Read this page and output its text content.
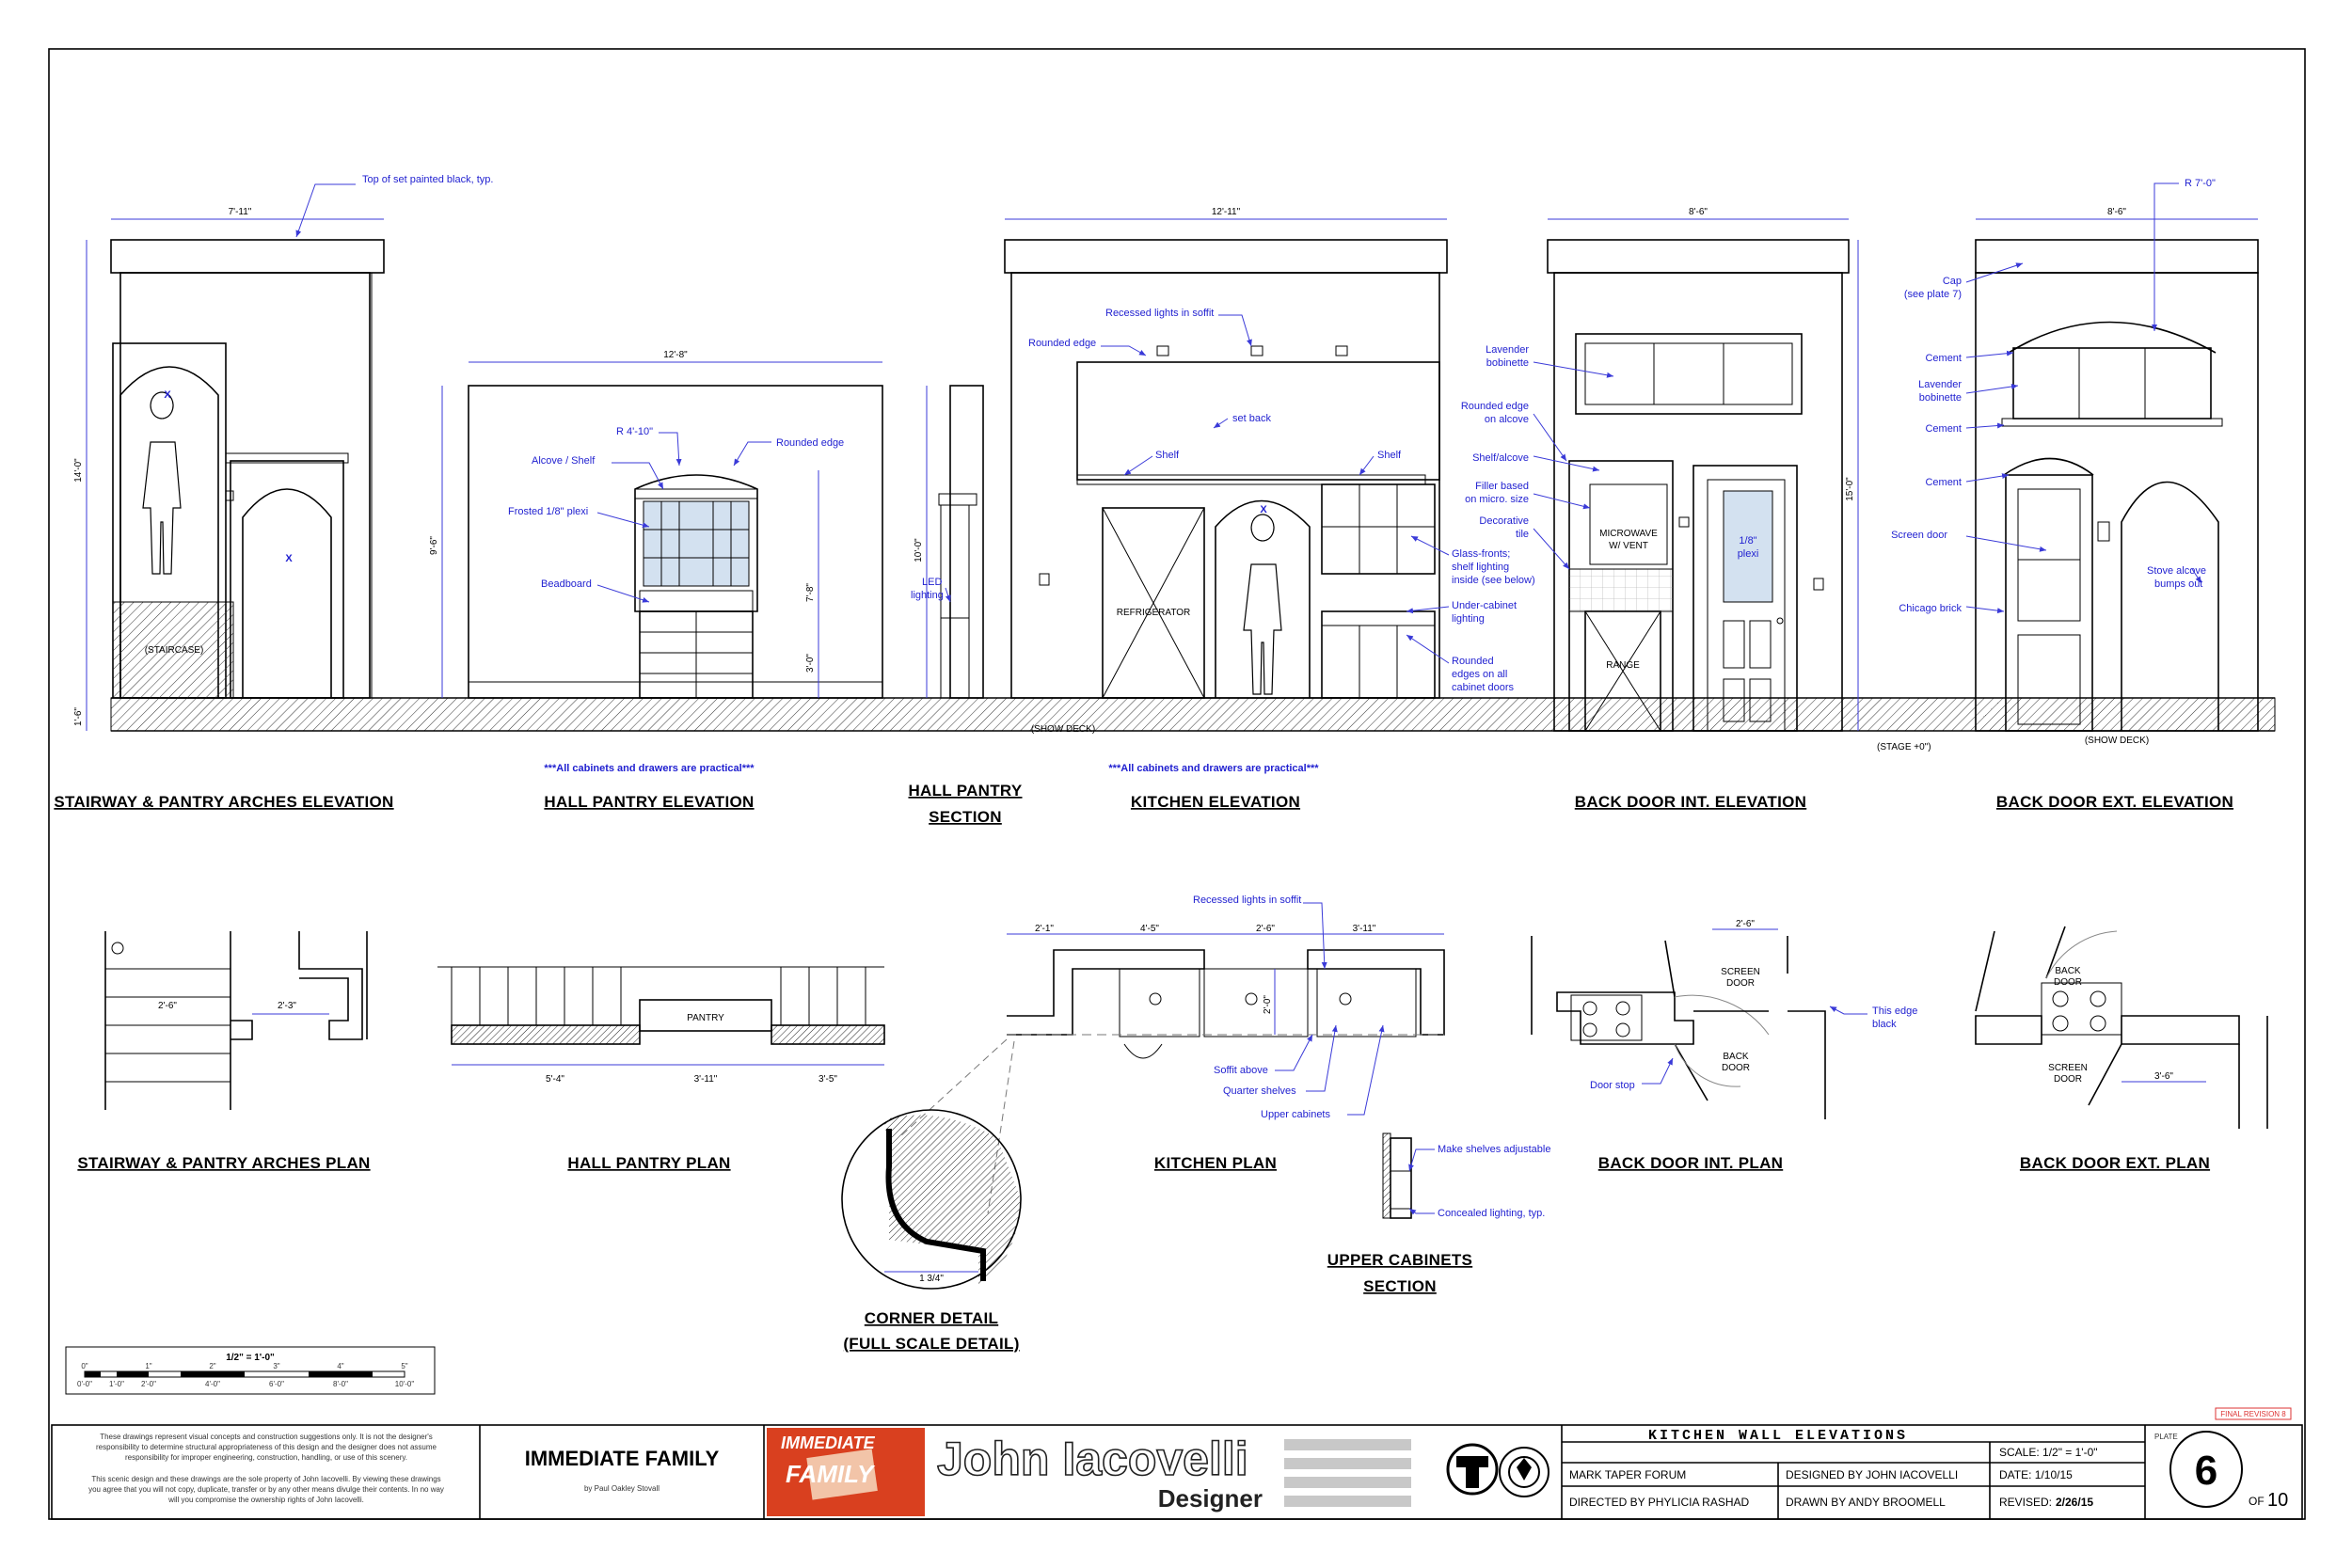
7'-11"
14'-0"
1'-6"
12'-8"
9'-6"
7'-8"
3'-0"
10'-0"
12'-11"	8'-6"
15'-0"
8'-6"
Top of set painted black, typ.
Alcove / Shelf
R 4'-10"
Rounded edge
Frosted 1/8" plexi
Beadboard	LED
lighting
***All cabinets and drawers are practical***	***All cabinets and drawers are practical***
Recessed lights in soffit
Rounded edge
set back
Shelf	Shelf
Glass-fronts;
shelf lighting
inside (see below)
Under-cabinet
lighting
Rounded
edges on all
cabinet doors
Lavender
bobinette
Rounded edge
on alcove
Shelf/alcove
Filler based
on micro. size
Decorative
tile
R 7'-0"
Cap
(see plate 7)
Cement
Lavender
bobinette
Cement
Cement
Screen door
Chicago brick
Stove alcove
bumps out
(STAIRCASE)
X
X
X
(SHOW DECK)
(STAGE +0")
(SHOW DECK)
REFRIGERATOR
MICROWAVE
W/ VENT
RANGE
1/8"
plexi
STAIRWAY & PANTRY ARCHES ELEVATION	HALL PANTRY ELEVATION
HALL PANTRY
SECTION
KITCHEN ELEVATION	BACK DOOR INT. ELEVATION	BACK DOOR EXT. ELEVATION
2'-6"	2'-3"
PANTRY
5'-4"	3'-11"	3'-5"
2'-1"	4'-5"	2'-6"	3'-11"
2'-0"
Recessed lights in soffit
Soffit above
Quarter shelves
Upper cabinets
1 3/4"
Make shelves adjustable
Concealed lighting, typ.
2'-6"
SCREEN
DOOR
BACK
DOOR
This edge
black
Door stop
BACK
DOOR
SCREEN
DOOR	3'-6"
STAIRWAY & PANTRY ARCHES PLAN	HALL PANTRY PLAN	KITCHEN PLAN
CORNER DETAIL
(FULL SCALE DETAIL)
UPPER CABINETS
SECTION
BACK DOOR INT. PLAN	BACK DOOR EXT. PLAN
1/2" = 1'-0"
0"	1"	2"	3"	4"	5"
0'-0" 1'-0" 2'-0"	4'-0"	6'-0"	8'-0"	10'-0"
These drawings represent visual concepts and construction suggestions only. It is not the designer's
responsibility to determine structural appropriateness of this design and the designer does not assume
responsibility for improper engineering, construction, handling, or use of this scenery.
This scenic design and these drawings are the sole property of John Iacovelli. By viewing these drawings
you agree that you will not copy, duplicate, transfer or by any other means divulge their contents. In no way
will you compromise the ownership rights of John Iacovelli.
IMMEDIATE FAMILY
by Paul Oakley Stovall
IMMEDIATE
FAMILY John Iacovelli
Designer
KITCHEN WALL ELEVATIONS
SCALE: 1/2" = 1'-0"
MARK TAPER FORUM	DESIGNED BY JOHN IACOVELLI	DATE: 1/10/15
DIRECTED BY PHYLICIA RASHAD	DRAWN BY ANDY BROOMELL	REVISED: 2/26/15
PLATE
6
OF 10
FINAL REVISION 8
